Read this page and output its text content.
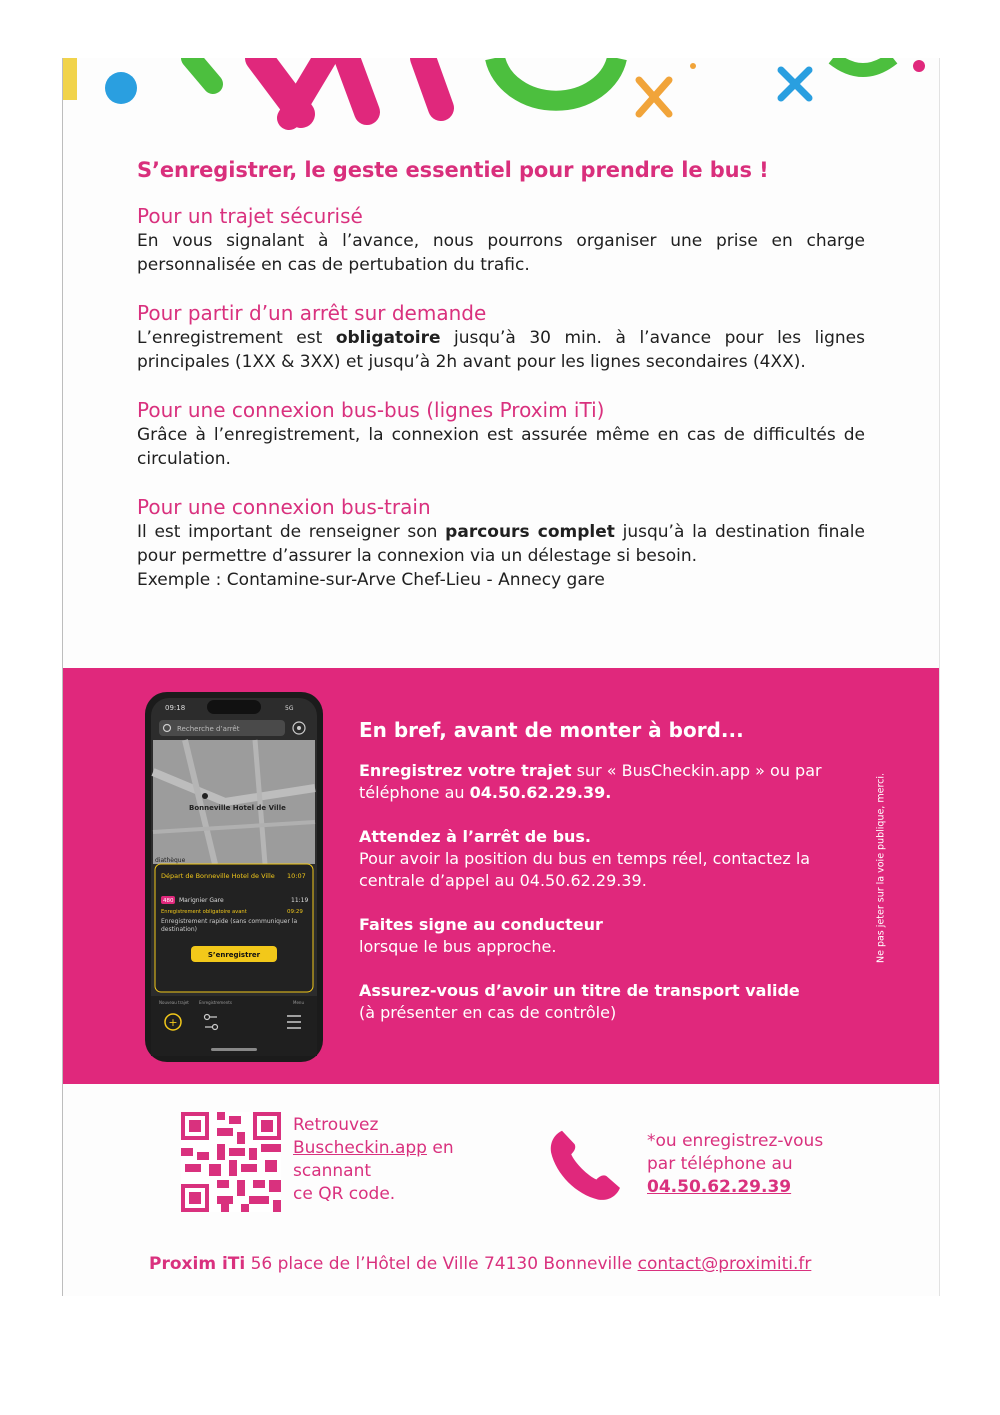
S’enregistrer, le geste essentiel pour prendre le bus !
Pour un trajet sécurisé

En vous signalant à l’avance, nous pourrons organiser une prise en charge personnalisée en cas de pertubation du trafic.

Pour partir d’un arrêt sur demande

L’enregistrement est obligatoire jusqu’à 30 min. à l’avance pour les lignes principales (1XX & 3XX) et jusqu’à 2h avant pour les lignes secondaires (4XX).

Pour une connexion bus-bus (lignes Proxim iTi)

Grâce à l’enregistrement, la connexion est assurée même en cas de difficultés de circulation.

Pour une connexion bus-train

Il est important de renseigner son parcours complet jusqu’à la destination finale pour permettre d’assurer la connexion via un délestage si besoin.

Exemple : Contamine-sur-Arve Chef-Lieu - Annecy gare

09:18	5G
Recherche d’arrêt
Bonneville Hotel de Ville
diathèque
Départ de Bonneville Hotel de Ville 10:07
480 Marignier Gare	11:19
Enregistrement obligatoire avant	09:29
Enregistrement rapide (sans communiquer la destination)
S’enregistrer
Nouveau trajet	Enregistrements	Menu
+
En bref, avant de monter à bord...
Enregistrez votre trajet sur « BusCheckin.app » ou par téléphone au 04.50.62.29.39.
Attendez à l’arrêt de bus.
Pour avoir la position du bus en temps réel, contactez la centrale d’appel au 04.50.62.29.39.
Faites signe au conducteur
lorsque le bus approche.
Assurez-vous d’avoir un titre de transport valide
(à présenter en cas de contrôle)
Ne pas jeter sur la voie publique, merci.
Retrouvez
Buscheckin.app en
scannant
ce QR code.
*ou enregistrez-vous
par téléphone au
04.50.62.29.39
Proxim iTi 56 place de l’Hôtel de Ville 74130 Bonneville contact@proximiti.fr
